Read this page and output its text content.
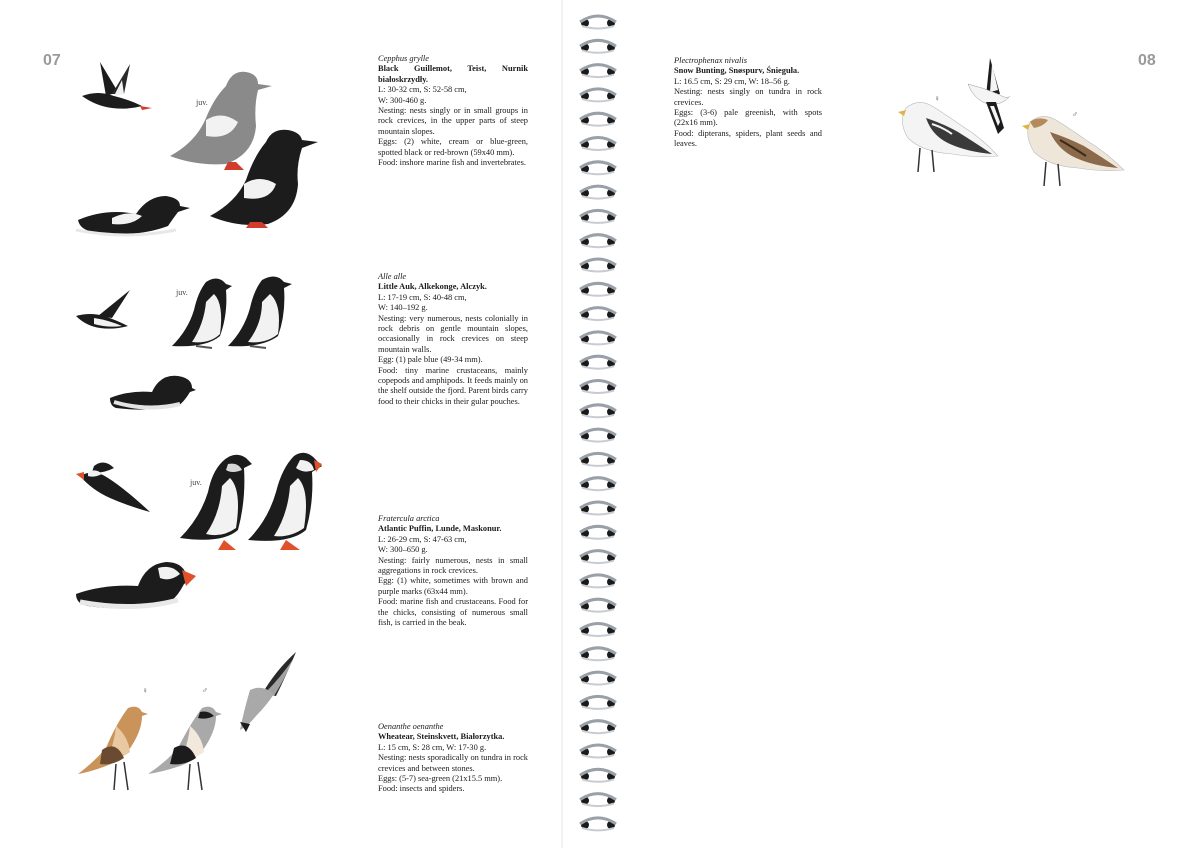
07	08
juv.
Cepphus grylle
Black Guillemot, Teist, Nurnik białoskrzydły.
L: 30-32 cm, S: 52-58 cm,
W: 300-460 g.
Nesting: nests singly or in small groups in rock crevices, in the upper parts of steep mountain slopes.
Eggs: (2) white, cream or blue-green, spotted black or red-brown (59x40 mm).
Food: inshore marine fish and invertebrates.
juv.
Alle alle
Little Auk, Alkekonge, Alczyk.
L: 17-19 cm, S: 40-48 cm,
W: 140–192 g.
Nesting: very numerous, nests colonially in rock debris on gentle mountain slopes, occasionally in rock crevices on steep mountain walls.
Egg: (1) pale blue (49-34 mm).
Food: tiny marine crustaceans, mainly copepods and amphipods. It feeds mainly on the shelf outside the fjord. Parent birds carry food to their chicks in their gular pouches.
juv.
Fratercula arctica
Atlantic Puffin, Lunde, Maskonur.
L: 26-29 cm, S: 47-63 cm,
W: 300–650 g.
Nesting: fairly numerous, nests in small aggregations in rock crevices.
Egg: (1) white, sometimes with brown and purple marks (63x44 mm).
Food: marine fish and crustaceans. Food for the chicks, consisting of numerous small fish, is carried in the beak.
♀	♂
Oenanthe oenanthe
Wheatear, Steinskvett, Białorzytka.
L: 15 cm, S: 28 cm, W: 17-30 g.
Nesting: nests sporadically on tundra in rock crevices and between stones.
Eggs: (5-7) sea-green (21x15.5 mm).
Food: insects and spiders.
Plectrophenax nivalis
Snow Bunting, Snøspurv, Śnieguła.
L: 16.5 cm, S: 29 cm, W: 18–56 g.
Nesting: nests singly on tundra in rock crevices.
Eggs: (3-6) pale greenish, with spots (22x16 mm).
Food: dipterans, spiders, plant seeds and leaves.
♀
♂
